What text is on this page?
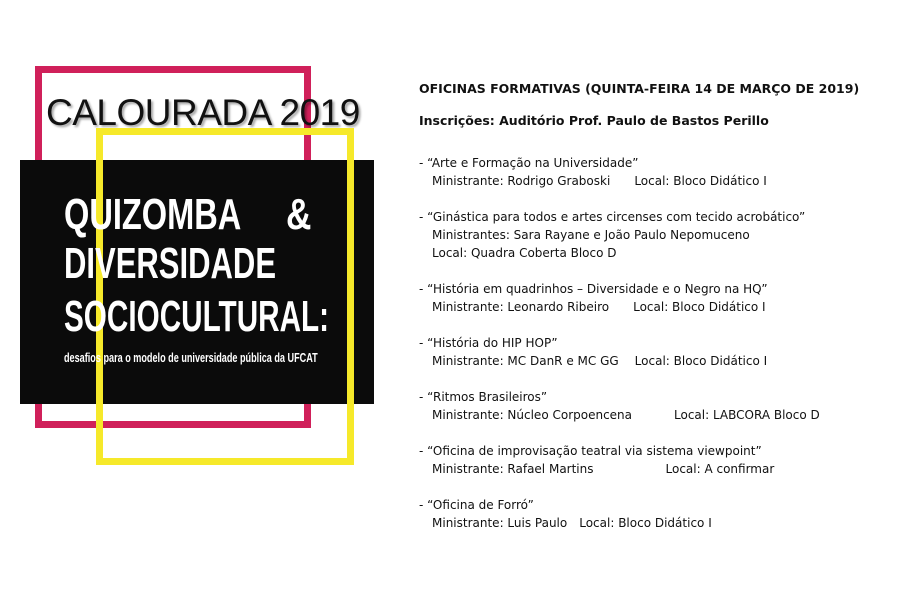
CALOURADA 2019
QUIZOMBA &
DIVERSIDADE
SOCIOCULTURAL:
desafios para o modelo de universidade pública da UFCAT
OFICINAS FORMATIVAS (QUINTA-FEIRA 14 DE MARÇO DE 2019)
Inscrições: Auditório Prof. Paulo de Bastos Perillo
- “Arte e Formação na Universidade”
Ministrante: Rodrigo Graboski Local: Bloco Didático I
- “Ginástica para todos e artes circenses com tecido acrobático”
Ministrantes: Sara Rayane e João Paulo Nepomuceno
Local: Quadra Coberta Bloco D
- “História em quadrinhos – Diversidade e o Negro na HQ”
Ministrante: Leonardo Ribeiro Local: Bloco Didático I
- “História do HIP HOP”
Ministrante: MC DanR e MC GG Local: Bloco Didático I
- “Ritmos Brasileiros”
Ministrante: Núcleo Corpoencena	Local: LABCORA Bloco D
- “Oficina de improvisação teatral via sistema viewpoint”
Ministrante: Rafael Martins	Local: A confirmar
- “Oficina de Forró”
Ministrante: Luis Paulo Local: Bloco Didático I
